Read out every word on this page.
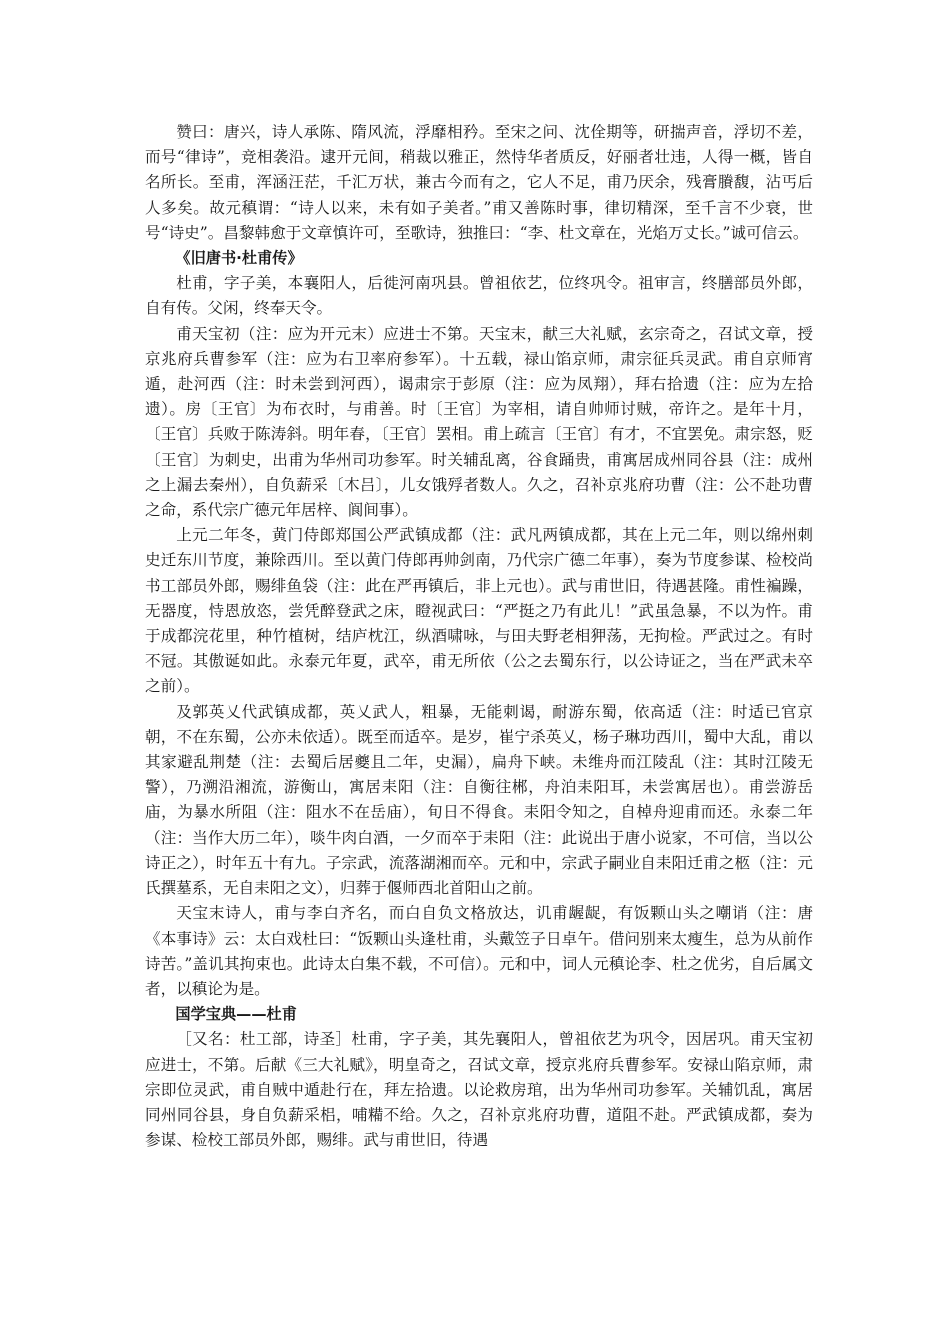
赞曰：唐兴，诗人承陈、隋风流，浮靡相矜。至宋之问、沈佺期等，研揣声音，浮切不差，而号“律诗”，竞相袭沿。逮开元间，稍裁以雅正，然恃华者质反，好丽者壮违，人得一概，皆自名所长。至甫，浑涵汪茫，千汇万状，兼古今而有之，它人不足，甫乃厌余，残膏賸馥，沾丐后人多矣。故元稹谓：“诗人以来，未有如子美者。”甫又善陈时事，律切精深，至千言不少衰，世号“诗史”。昌黎韩愈于文章慎许可，至歌诗，独推曰：“李、杜文章在，光焰万丈长。”诚可信云。

《旧唐书·杜甫传》

杜甫，字子美，本襄阳人，后徙河南巩县。曾祖依艺，位终巩令。祖审言，终膳部员外郎，自有传。父闲，终奉天令。

甫天宝初（注：应为开元末）应进士不第。天宝末，献三大礼赋，玄宗奇之，召试文章，授京兆府兵曹参军（注：应为右卫率府参军）。十五载，禄山馅京师，肃宗征兵灵武。甫自京师宵遁，赴河西（注：时未尝到河西），谒肃宗于彭原（注：应为凤翔），拜右拾遗（注：应为左拾遗）。房〔王官〕为布衣时，与甫善。时〔王官〕为宰相，请自帅师讨贼，帝许之。是年十月，〔王官〕兵败于陈涛斜。明年春，〔王官〕罢相。甫上疏言〔王官〕有才，不宜罢免。肃宗怒，贬〔王官〕为刺史，出甫为华州司功参军。时关辅乱离，谷食踊贵，甫寓居成州同谷县（注：成州之上漏去秦州），自负薪采〔木吕〕，儿女饿殍者数人。久之，召补京兆府功曹（注：公不赴功曹之命，系代宗广德元年居梓、阆间事）。

上元二年冬，黄门侍郎郑国公严武镇成都（注：武凡两镇成都，其在上元二年，则以绵州刺史迁东川节度，兼除西川。至以黄门侍郎再帅剑南，乃代宗广德二年事），奏为节度参谋、检校尚书工部员外郎，赐绯鱼袋（注：此在严再镇后，非上元也）。武与甫世旧，待遇甚隆。甫性褊躁，无器度，恃恩放恣，尝凭醉登武之床，瞪视武曰：“严挺之乃有此儿！”武虽急暴，不以为忤。甫于成都浣花里，种竹植树，结庐枕江，纵酒啸咏，与田夫野老相狎荡，无拘检。严武过之。有时不冠。其傲诞如此。永泰元年夏，武卒，甫无所依（公之去蜀东行，以公诗证之，当在严武未卒之前）。

及郭英乂代武镇成都，英乂武人，粗暴，无能刺谒，耐游东蜀，依高适（注：时适已官京朝，不在东蜀，公亦未依适）。既至而适卒。是岁，崔宁杀英乂，杨子琳功西川，蜀中大乱，甫以其家避乱荆楚（注：去蜀后居夔且二年，史漏），扁舟下峡。未维舟而江陵乱（注：其时江陵无警），乃溯沿湘流，游衡山，寓居耒阳（注：自衡往郴，舟泊耒阳耳，未尝寓居也）。甫尝游岳庙，为暴水所阻（注：阻水不在岳庙），旬日不得食。耒阳令知之，自棹舟迎甫而还。永泰二年（注：当作大历二年），啖牛肉白酒，一夕而卒于耒阳（注：此说出于唐小说家，不可信，当以公诗正之），时年五十有九。子宗武，流落湖湘而卒。元和中，宗武子嗣业自耒阳迁甫之柩（注：元氏撰墓系，无自耒阳之文），归葬于偃师西北首阳山之前。

天宝末诗人，甫与李白齐名，而白自负文格放达，讥甫龌龊，有饭颗山头之嘲诮（注：唐《本事诗》云：太白戏杜曰：“饭颗山头逢杜甫，头戴笠子日卓午。借问别来太瘦生，总为从前作诗苦。”盖讥其拘束也。此诗太白集不载，不可信）。元和中，词人元稹论李、杜之优劣，自后属文者，以稹论为是。

国学宝典——杜甫

［又名：杜工部，诗圣］杜甫，字子美，其先襄阳人，曾祖依艺为巩令，因居巩。甫天宝初应进士，不第。后献《三大礼赋》，明皇奇之，召试文章，授京兆府兵曹参军。安禄山陷京师，肃宗即位灵武，甫自贼中遁赴行在，拜左拾遗。以论救房琯，出为华州司功参军。关辅饥乱，寓居同州同谷县，身自负薪采梠，哺糒不给。久之，召补京兆府功曹，道阻不赴。严武镇成都，奏为参谋、检校工部员外郎，赐绯。武与甫世旧，待遇
